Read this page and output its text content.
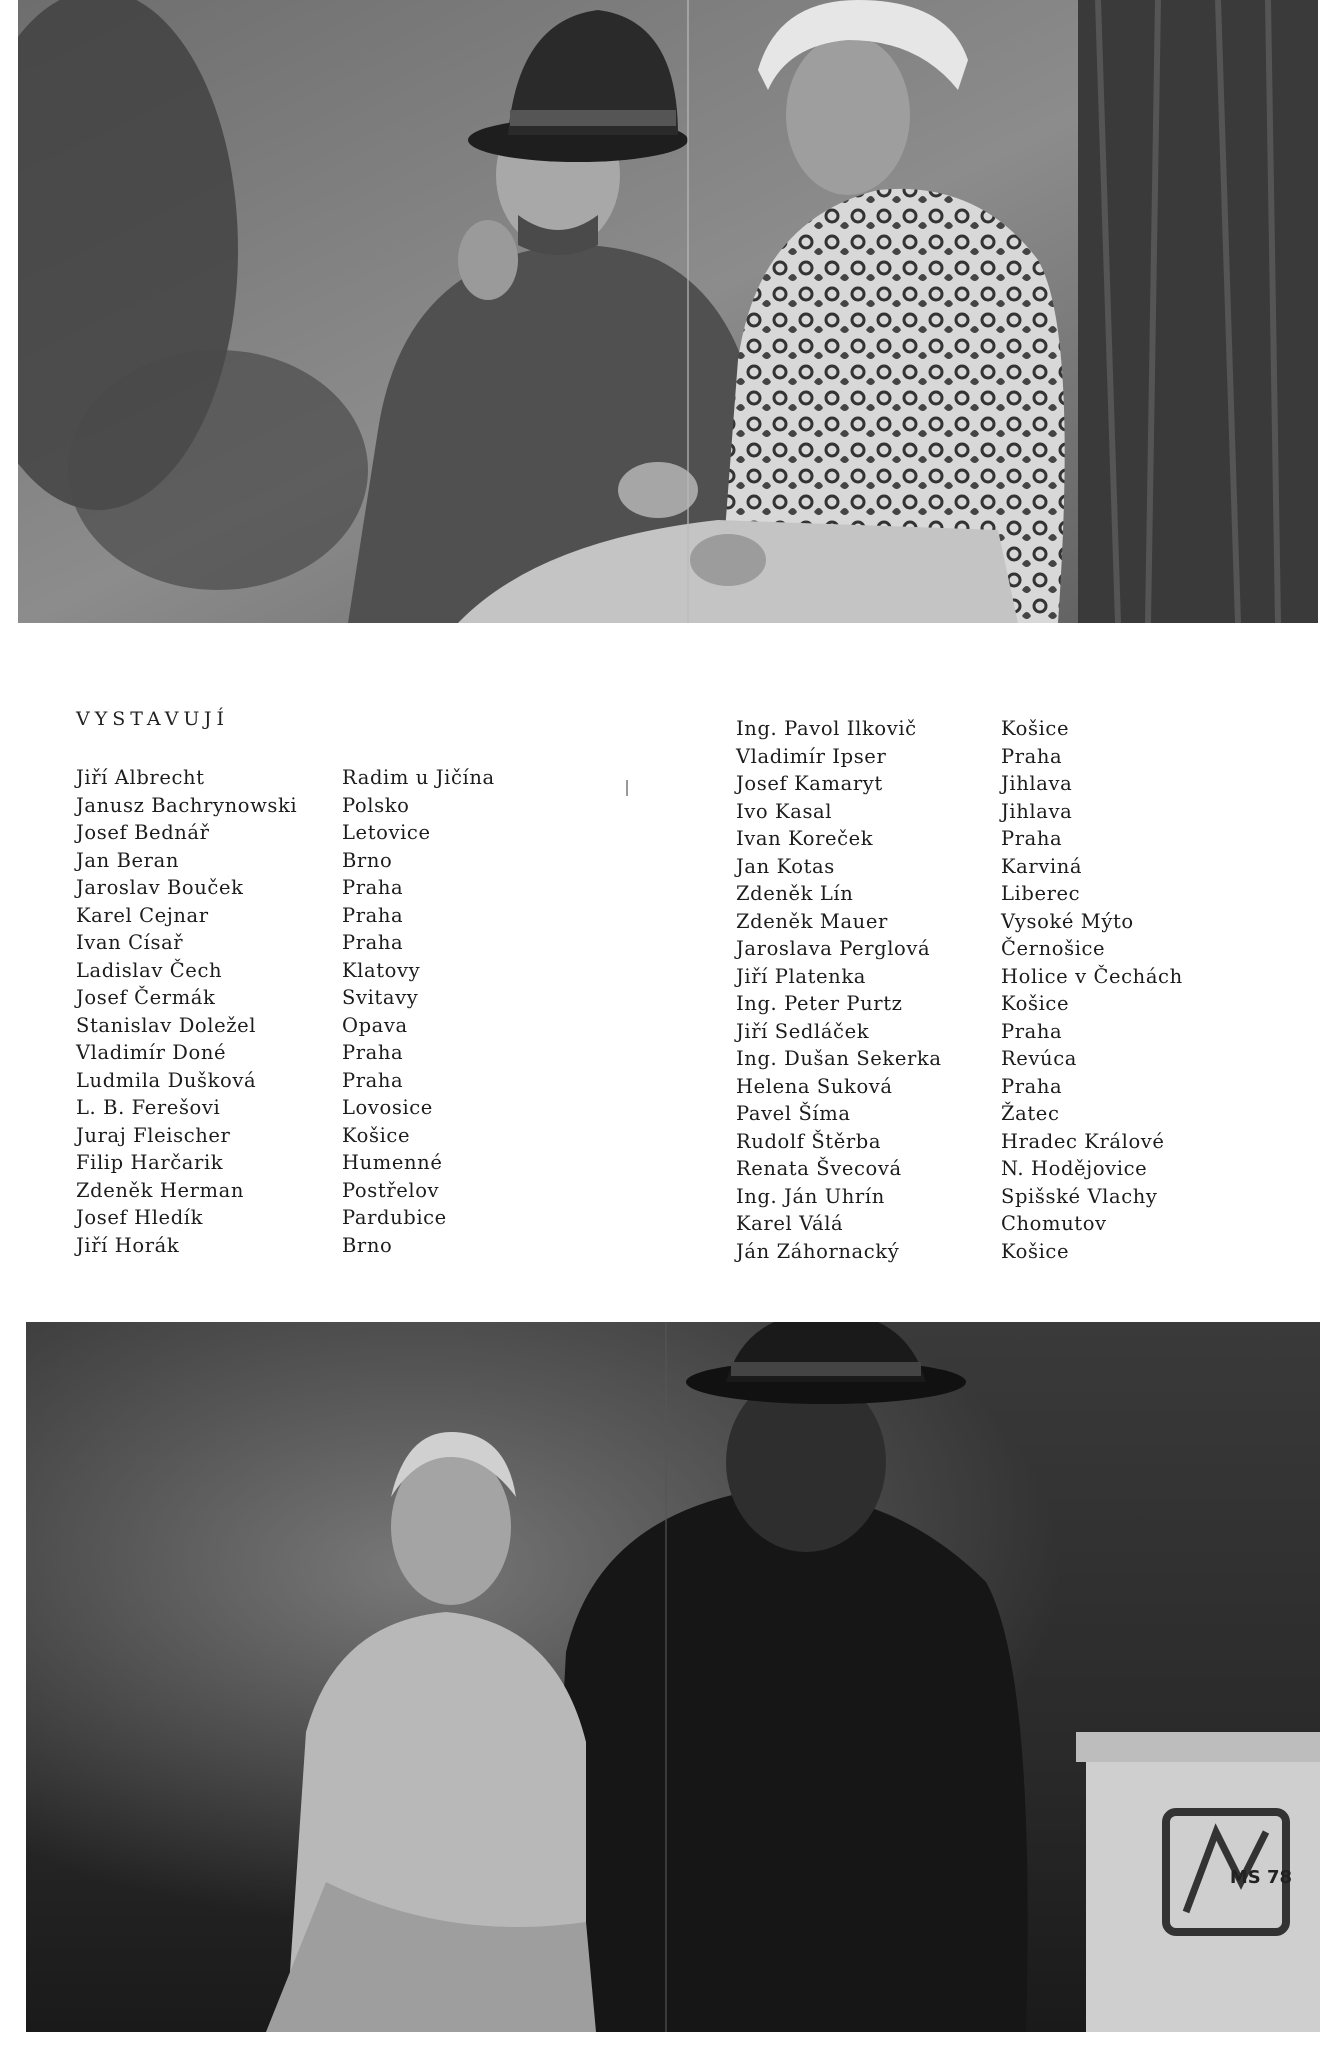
VYSTAVUJÍ
Jiří Albrecht	Radim u Jičína
Janusz Bachrynowski Polsko
Josef Bednář	Letovice
Jan Beran	Brno
Jaroslav Bouček	Praha
Karel Cejnar	Praha
Ivan Císař	Praha
Ladislav Čech	Klatovy
Josef Čermák	Svitavy
Stanislav Doležel	Opava
Vladimír Doné	Praha
Ludmila Dušková	Praha
L. B. Ferešovi	Lovosice
Juraj Fleischer	Košice
Filip Harčarik	Humenné
Zdeněk Herman	Postřelov
Josef Hledík	Pardubice
Jiří Horák	Brno
Ing. Pavol Ilkovič	Košice
Vladimír Ipser	Praha
Josef Kamaryt	Jihlava
Ivo Kasal	Jihlava
Ivan Koreček	Praha
Jan Kotas	Karviná
Zdeněk Lín	Liberec
Zdeněk Mauer	Vysoké Mýto
Jaroslava Perglová	Černošice
Jiří Platenka	Holice v Čechách
Ing. Peter Purtz	Košice
Jiří Sedláček	Praha
Ing. Dušan Sekerka	Revúca
Helena Suková	Praha
Pavel Šíma	Žatec
Rudolf Štěrba	Hradec Králové
Renata Švecová	N. Hodějovice
Ing. Ján Uhrín	Spišské Vlachy
Karel Válá	Chomutov
Ján Záhornacký	Košice
MS 78
